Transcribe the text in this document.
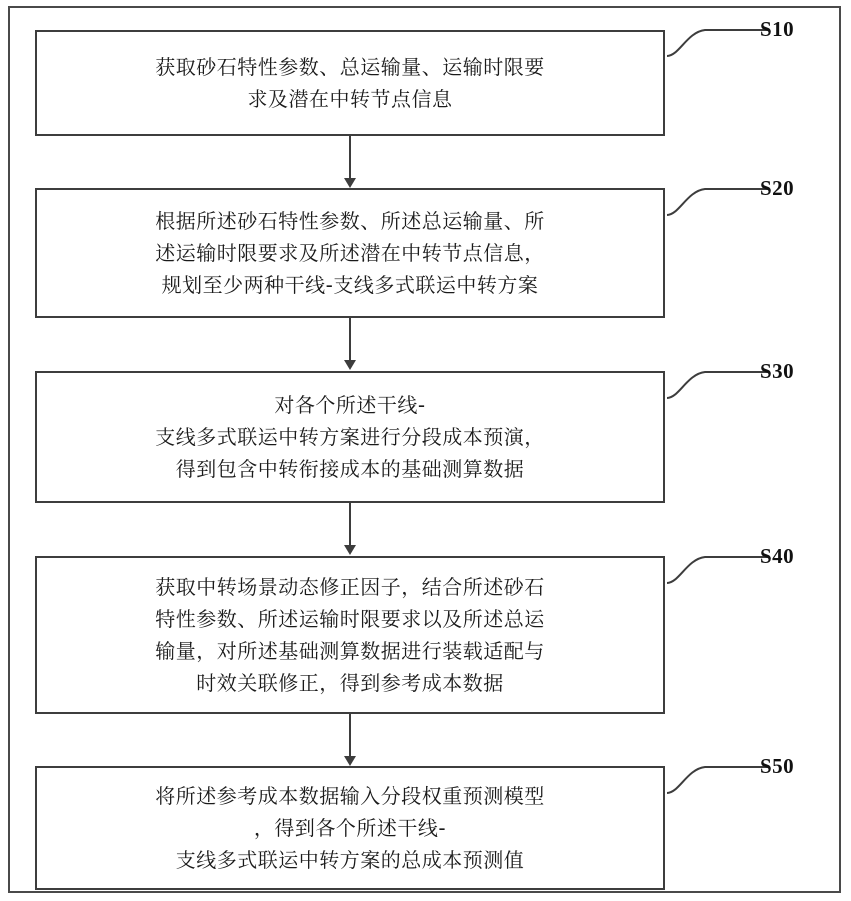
获取砂石特性参数、总运输量、运输时限要
求及潜在中转节点信息
S10
根据所述砂石特性参数、所述总运输量、所
述运输时限要求及所述潜在中转节点信息，
规划至少两种干线-支线多式联运中转方案
S20
对各个所述干线-
支线多式联运中转方案进行分段成本预演，
得到包含中转衔接成本的基础测算数据
S30
获取中转场景动态修正因子，结合所述砂石
特性参数、所述运输时限要求以及所述总运
输量，对所述基础测算数据进行装载适配与
时效关联修正，得到参考成本数据
S40
将所述参考成本数据输入分段权重预测模型
，得到各个所述干线-
支线多式联运中转方案的总成本预测值
S50
